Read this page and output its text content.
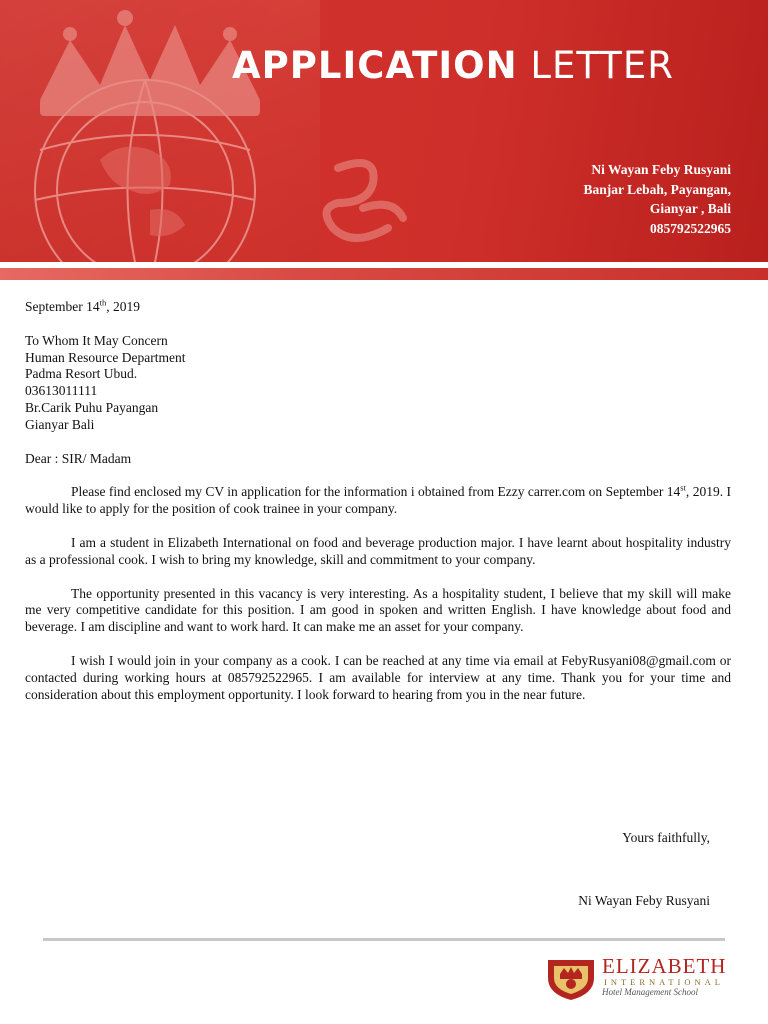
APPLICATION LETTER
Ni Wayan Feby Rusyani
Banjar Lebah, Payangan,
Gianyar , Bali
085792522965
September 14th, 2019
To Whom It May Concern
Human Resource Department
Padma Resort Ubud.
03613011111
Br.Carik Puhu Payangan
Gianyar Bali
Dear : SIR/ Madam

Please find enclosed my CV in application for the information i obtained from Ezzy carrer.com on September 14st, 2019. I would like to apply for the position of cook trainee in your company.

I am a student in Elizabeth International on food and beverage production major. I have learnt about hospitality industry as a professional cook. I wish to bring my knowledge, skill and commitment to your company.

The opportunity presented in this vacancy is very interesting. As a hospitality student, I believe that my skill will make me very competitive candidate for this position. I am good in spoken and written English. I have knowledge about food and beverage. I am discipline and want to work hard. It can make me an asset for your company.

I wish I would join in your company as a cook. I can be reached at any time via email at FebyRusyani08@gmail.com or contacted during working hours at 085792522965. I am available for interview at any time. Thank you for your time and consideration about this employment opportunity. I look forward to hearing from you in the near future.

Yours faithfully,
Ni Wayan Feby Rusyani
ELIZABETH
INTERNATIONAL
Hotel Management School
